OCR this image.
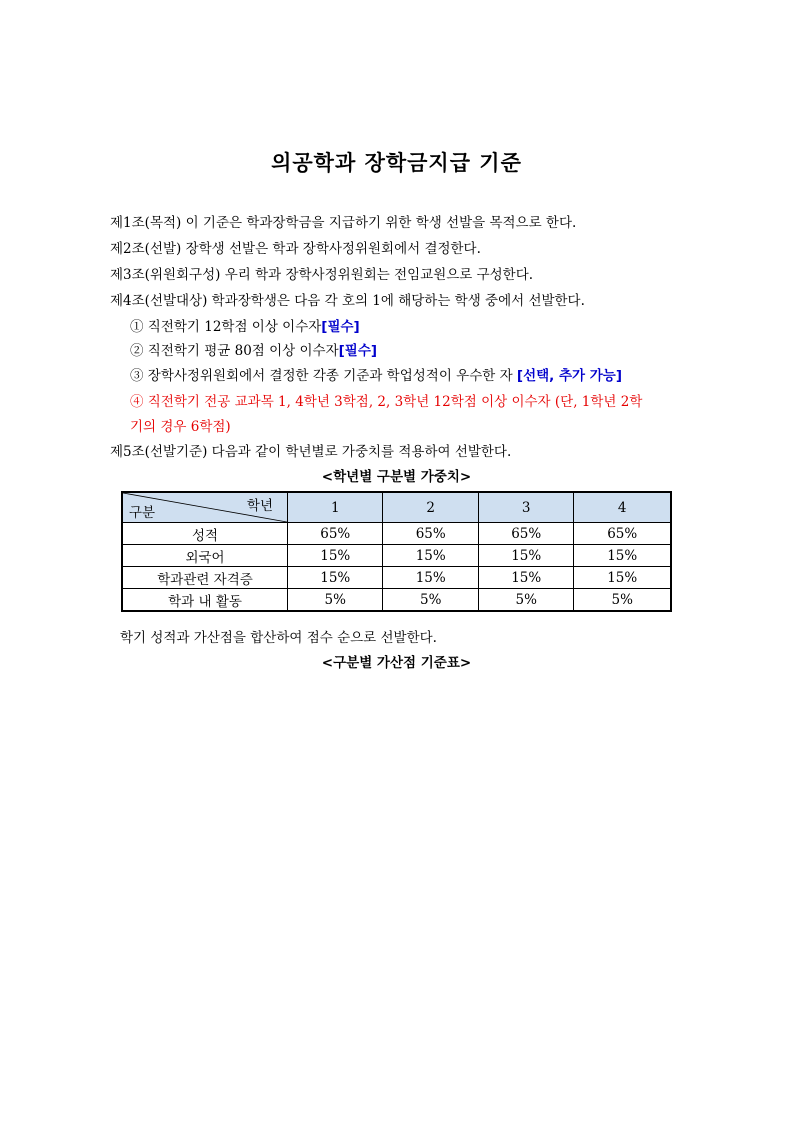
의공학과 장학금지급 기준
제1조(목적) 이 기준은 학과장학금을 지급하기 위한 학생 선발을 목적으로 한다.
제2조(선발) 장학생 선발은 학과 장학사정위원회에서 결정한다.
제3조(위원회구성) 우리 학과 장학사정위원회는 전임교원으로 구성한다.
제4조(선발대상) 학과장학생은 다음 각 호의 1에 해당하는 학생 중에서 선발한다.
① 직전학기 12학점 이상 이수자[필수]
② 직전학기 평균 80점 이상 이수자[필수]
③ 장학사정위원회에서 결정한 각종 기준과 학업성적이 우수한 자 [선택, 추가 가능]
④ 직전학기 전공 교과목 1, 4학년 3학점, 2, 3학년 12학점 이상 이수자 (단, 1학년 2학
기의 경우 6학점)
제5조(선발기준) 다음과 같이 학년별로 가중치를 적용하여 선발한다.
<학년별 구분별 가중치>
학년
구분	1	2	3	4
성적	65%	65%	65%	65%
외국어	15%	15%	15%	15%
학과관련 자격증	15%	15%	15%	15%
학과 내 활동	5%	5%	5%	5%
학기 성적과 가산점을 합산하여 점수 순으로 선발한다.
<구분별 가산점 기준표>
